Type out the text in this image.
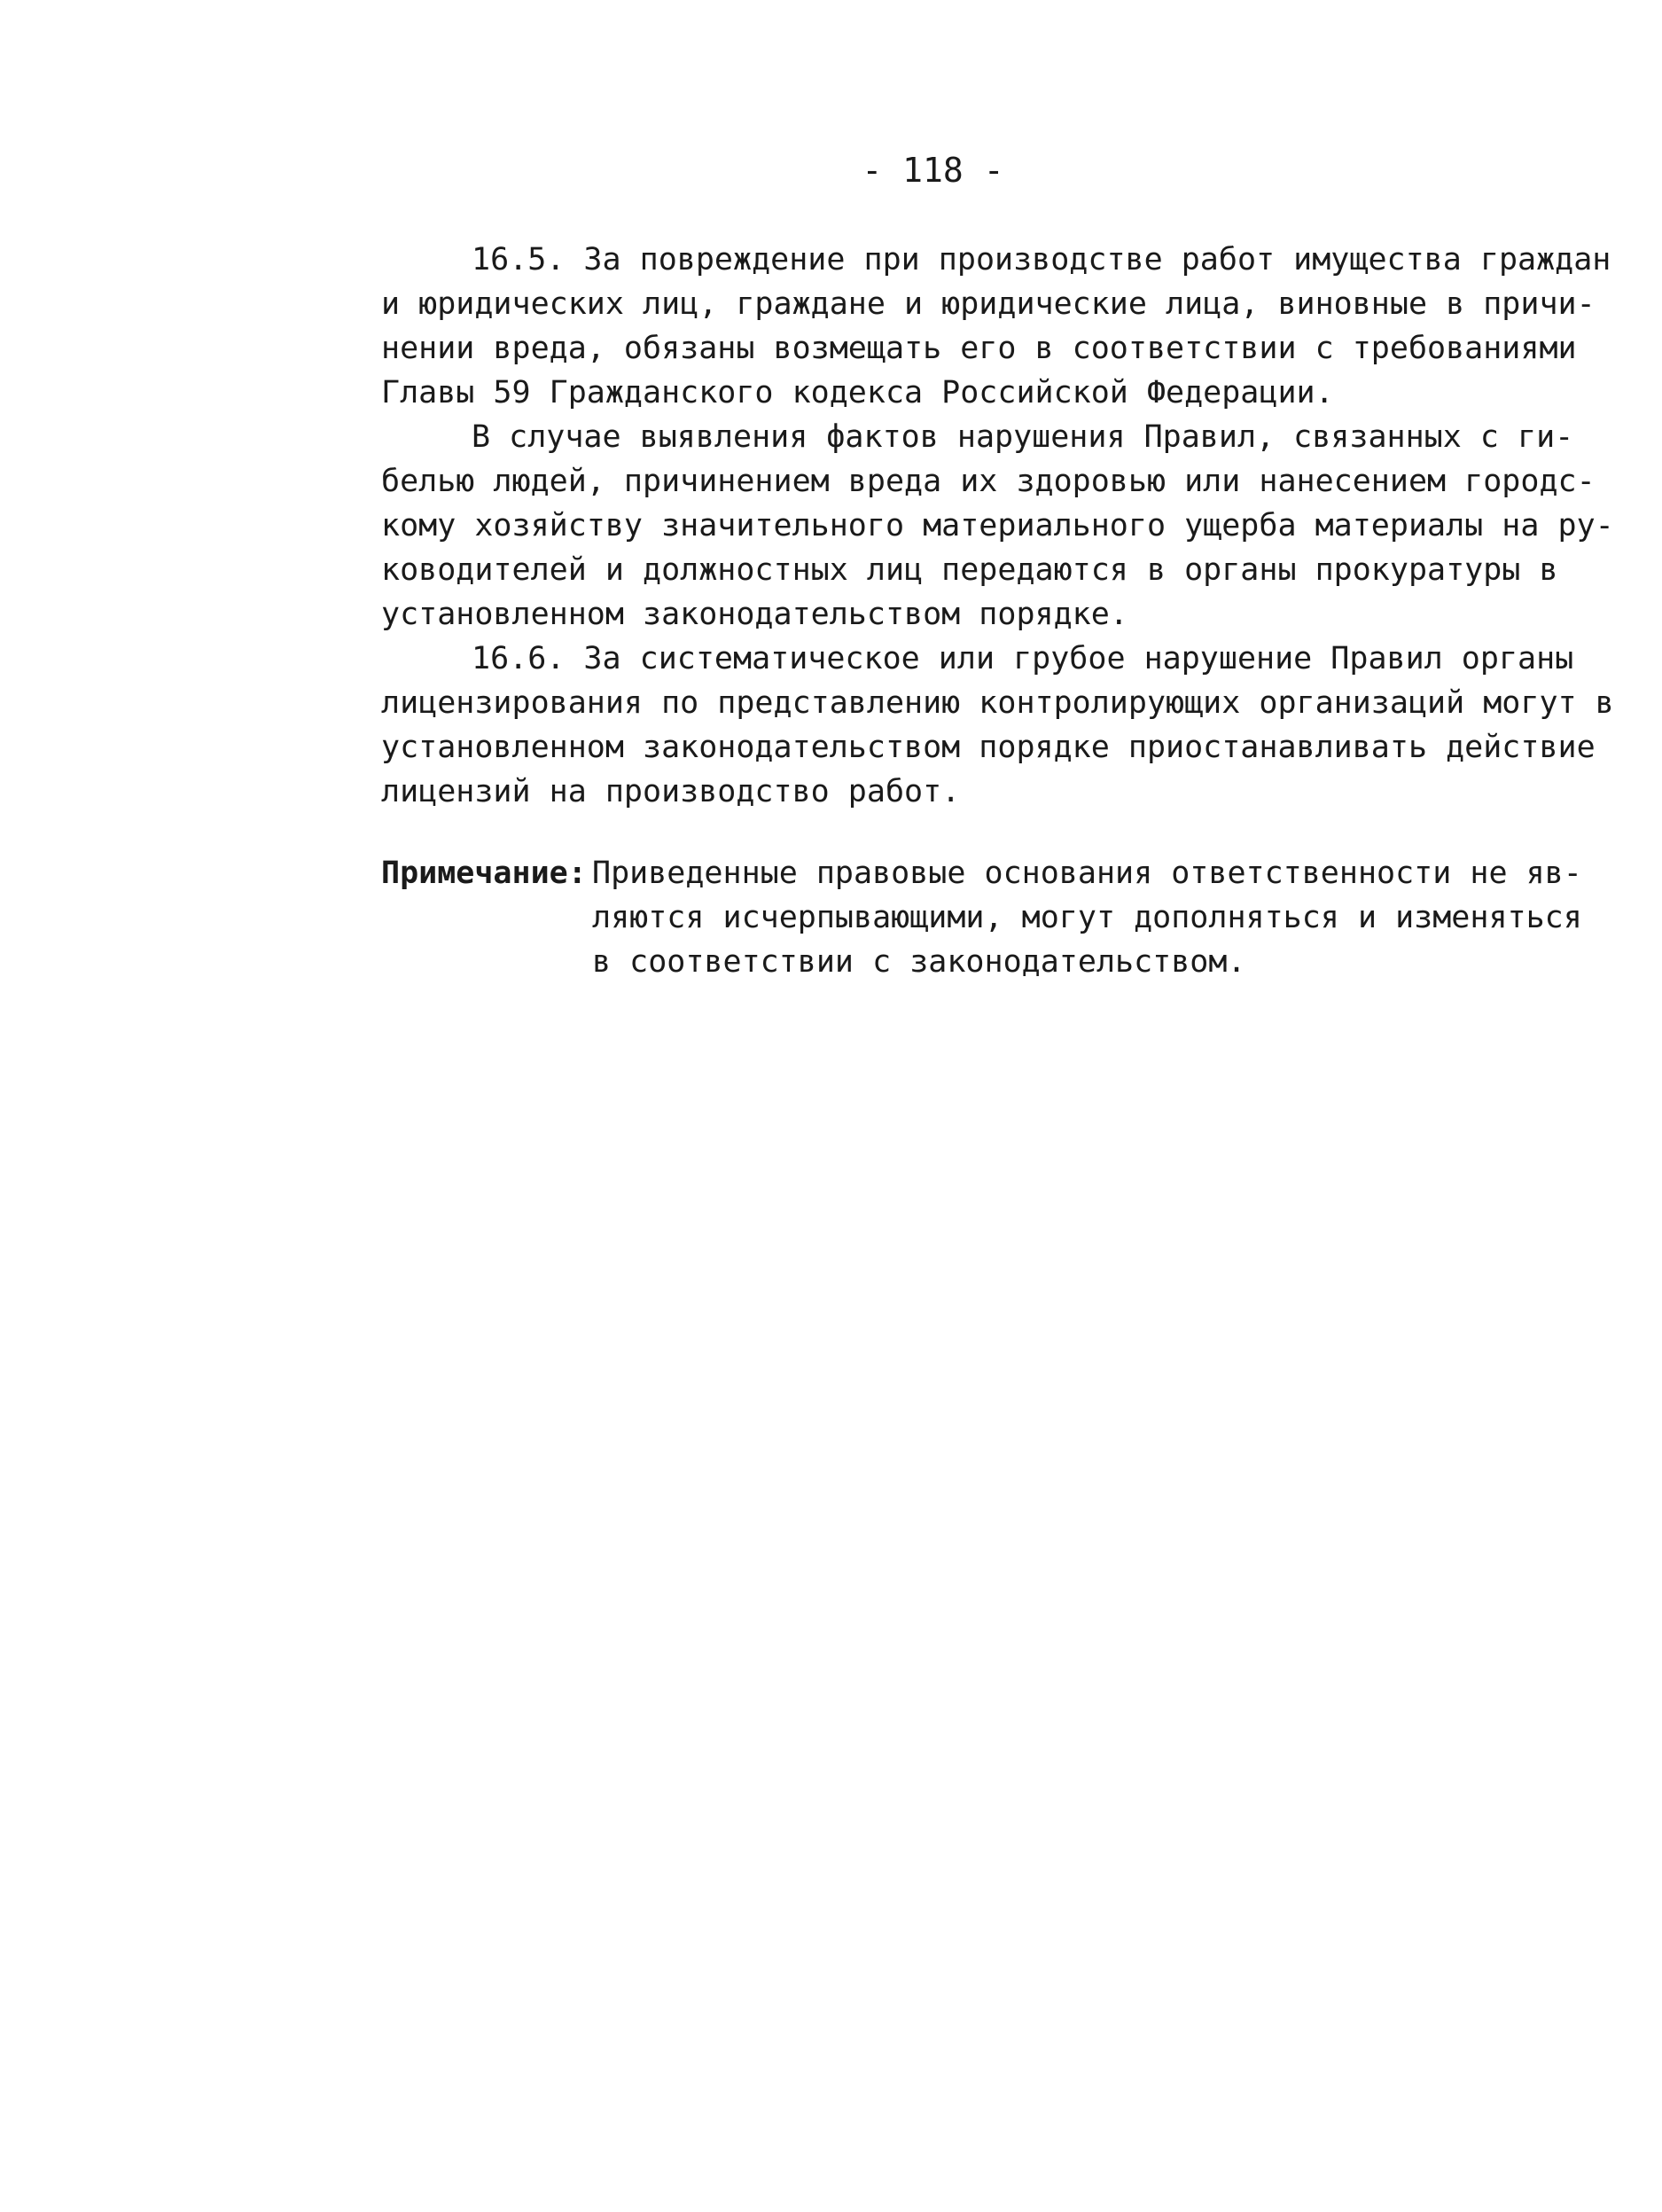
- 118 -

16.5. За повреждение при производстве работ имущества граждан
и юридических лиц, граждане и юридические лица, виновные в причи-
нении вреда, обязаны возмещать его в соответствии с требованиями
Главы 59 Гражданского кодекса Российской Федерации.

В случае выявления фактов нарушения Правил, связанных с ги-
белью людей, причинением вреда их здоровью или нанесением городс-
кому хозяйству значительного материального ущерба материалы на ру-
ководителей и должностных лиц передаются в органы прокуратуры в
установленном законодательством порядке.

16.6. За систематическое или грубое нарушение Правил органы
лицензирования по представлению контролирующих организаций могут в
установленном законодательством порядке приостанавливать действие
лицензий на производство работ.

Примечание: Приведенные правовые основания ответственности не яв-
ляются исчерпывающими, могут дополняться и изменяться
в соответствии с законодательством.
